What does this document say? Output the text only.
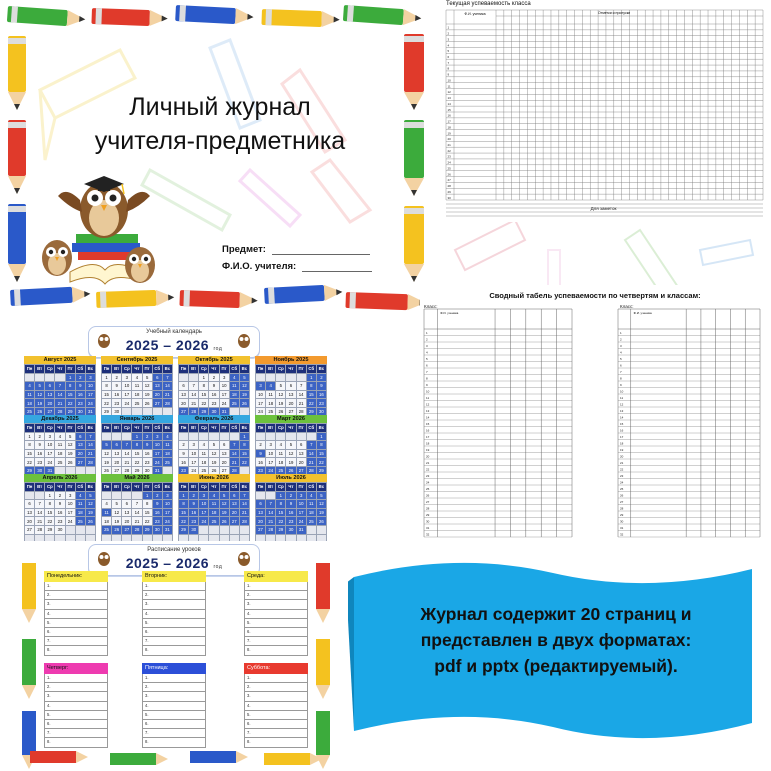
Личный журнал
учителя-предметника
Предмет:
Ф.И.О. учителя:
Текущая успеваемость класса
1
2
3
4
5
6
7
8
9
10
11
12
13
14
15
16
17
18
19
20
21
22
23
24
25
26
27
28
29
30
Ф.И. ученика	Отметки и пропуски
Для заметок
Сводный табель успеваемости по четвертям и классам:
Класс:	Класс:
1
2
3
4
5
6
7
8
9
10
11
12
13
14
15
16
17
18
19
20
21
22
23
24
25
26
27
28
29
30
31
32
Ф.И. ученика
1
2
3
4
5
6
7
8
9
10
11
12
13
14
15
16
17
18
19
20
21
22
23
24
25
26
27
28
29
30
31
32
Ф.И. ученика
Учебный календарь
2025 – 2026 год
Август 2025
Пн	Вт	Ср	Чт	Пт	Сб	Вс
				1	2	3
4	5	6	7	8	9	10
11	12	13	14	15	16	17
18	19	20	21	22	23	24
25	26	27	28	29	30	31

Сентябрь 2025
Пн	Вт	Ср	Чт	Пт	Сб	Вс
1	2	3	4	5	6	7
8	9	10	11	12	13	14
15	16	17	18	19	20	21
22	23	24	25	26	27	28
29	30					

Октябрь 2025
Пн	Вт	Ср	Чт	Пт	Сб	Вс
		1	2	3	4	5
6	7	8	9	10	11	12
13	14	15	16	17	18	19
20	21	22	23	24	25	26
27	28	29	30	31		

Ноябрь 2025
Пн	Вт	Ср	Чт	Пт	Сб	Вс
					1	2
3	4	5	6	7	8	9
10	11	12	13	14	15	16
17	18	19	20	21	22	23
24	25	26	27	28	29	30

Декабрь 2025
Пн	Вт	Ср	Чт	Пт	Сб	Вс
1	2	3	4	5	6	7
8	9	10	11	12	13	14
15	16	17	18	19	20	21
22	23	24	25	26	27	28
29	30	31				

Январь 2026
Пн	Вт	Ср	Чт	Пт	Сб	Вс
			1	2	3	4
5	6	7	8	9	10	11
12	13	14	15	16	17	18
19	20	21	22	23	24	25
26	27	28	29	30	31	

Февраль 2026
Пн	Вт	Ср	Чт	Пт	Сб	Вс
						1
2	3	4	5	6	7	8
9	10	11	12	13	14	15
16	17	18	19	20	21	22
23	24	25	26	27	28	

Март 2026
Пн	Вт	Ср	Чт	Пт	Сб	Вс
						1
2	3	4	5	6	7	8
9	10	11	12	13	14	15
16	17	18	19	20	21	22
23	24	25	26	27	28	29

Апрель 2026
Пн	Вт	Ср	Чт	Пт	Сб	Вс
		1	2	3	4	5
6	7	8	9	10	11	12
13	14	15	16	17	18	19
20	21	22	23	24	25	26
27	28	29	30			

Май 2026
Пн	Вт	Ср	Чт	Пт	Сб	Вс
				1	2	3
4	5	6	7	8	9	10
11	12	13	14	15	16	17
18	19	20	21	22	23	24
25	26	27	28	29	30	31

Июнь 2026
Пн	Вт	Ср	Чт	Пт	Сб	Вс
1	2	3	4	5	6	7
8	9	10	11	12	13	14
15	16	17	18	19	20	21
22	23	24	25	26	27	28
29	30					

Июль 2026
Пн	Вт	Ср	Чт	Пт	Сб	Вс
		1	2	3	4	5
6	7	8	9	10	11	12
13	14	15	16	17	18	19
20	21	22	23	24	25	26
27	28	29	30	31		

Расписание уроков
2025 – 2026 год
Понедельник:
1.
2.
3.
4.
5.
6.
7.
8.
Вторник:
1.
2.
3.
4.
5.
6.
7.
8.
Среда:
1.
2.
3.
4.
5.
6.
7.
8.
Четверг:
1.
2.
3.
4.
5.
6.
7.
8.
Пятница:
1.
2.
3.
4.
5.
6.
7.
8.
Суббота:
1.
2.
3.
4.
5.
6.
7.
8.
Журнал содержит 20 страниц и
представлен в двух форматах:
pdf и pptx (редактируемый).
